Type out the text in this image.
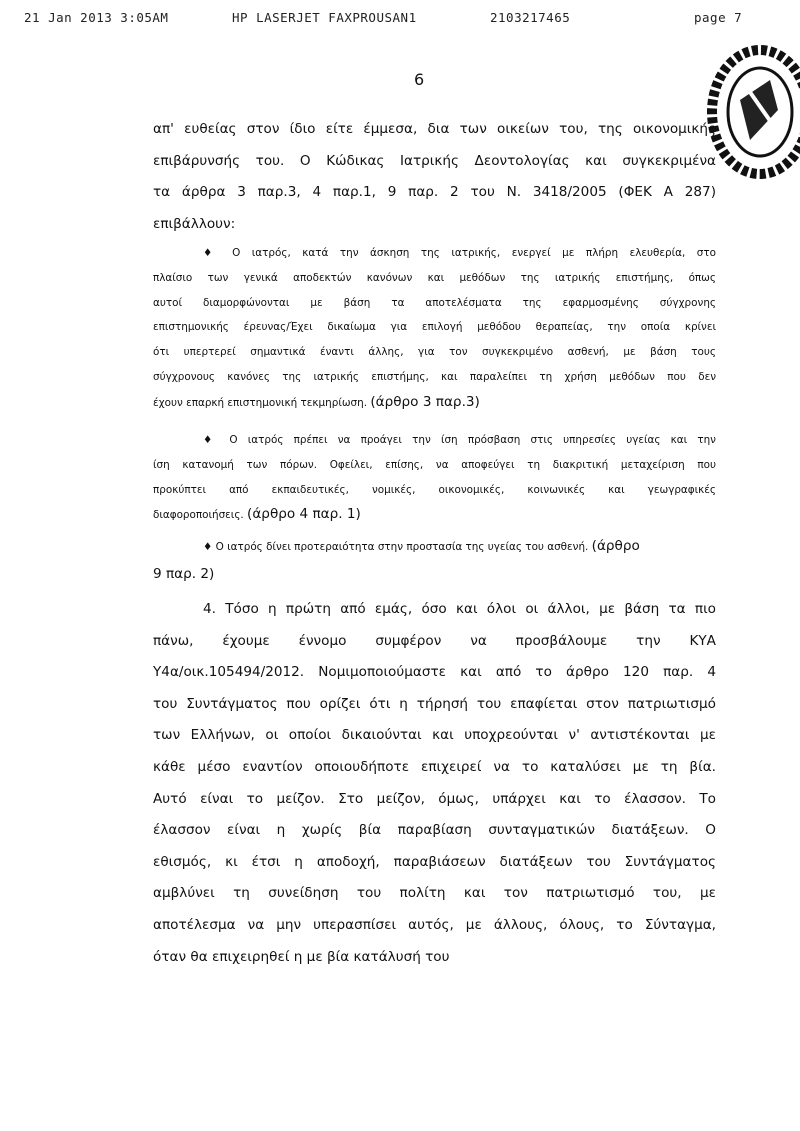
21 Jan 2013 3:05AM	HP LASERJET FAXPROUSAN1	2103217465	page 7
6
απ' ευθείας στον ίδιο είτε έμμεσα, δια των οικείων του, της οικονομικής
επιβάρυνσής του. Ο Κώδικας Ιατρικής Δεοντολογίας και συγκεκριμένα
τα άρθρα 3 παρ.3, 4 παρ.1, 9 παρ. 2 του Ν. 3418/2005 (ΦΕΚ Α 287)
επιβάλλουν:
♦ Ο ιατρός, κατά την άσκηση της ιατρικής, ενεργεί με πλήρη ελευθερία, στο
πλαίσιο των γενικά αποδεκτών κανόνων και μεθόδων της ιατρικής επιστήμης, όπως
αυτοί διαμορφώνονται με βάση τα αποτελέσματα της εφαρμοσμένης σύγχρονης
επιστημονικής έρευνας/Έχει δικαίωμα για επιλογή μεθόδου θεραπείας, την οποία κρίνει
ότι υπερτερεί σημαντικά έναντι άλλης, για τον συγκεκριμένο ασθενή, με βάση τους
σύγχρονους κανόνες της ιατρικής επιστήμης, και παραλείπει τη χρήση μεθόδων που δεν
έχουν επαρκή επιστημονική τεκμηρίωση. (άρθρο 3 παρ.3)
♦ Ο ιατρός πρέπει να προάγει την ίση πρόσβαση στις υπηρεσίες υγείας και την
ίση κατανομή των πόρων. Οφείλει, επίσης, να αποφεύγει τη διακριτική μεταχείριση που
προκύπτει από εκπαιδευτικές, νομικές, οικονομικές, κοινωνικές και γεωγραφικές
διαφοροποιήσεις. (άρθρο 4 παρ. 1)
♦ Ο ιατρός δίνει προτεραιότητα στην προστασία της υγείας του ασθενή. (άρθρο
9 παρ. 2)
4. Τόσο η πρώτη από εμάς, όσο και όλοι οι άλλοι, με βάση τα πιο
πάνω, έχουμε έννομο συμφέρον να προσβάλουμε την ΚΥΑ
Υ4α/οικ.105494/2012. Νομιμοποιούμαστε και από το άρθρο 120 παρ. 4
του Συντάγματος που ορίζει ότι η τήρησή του επαφίεται στον πατριωτισμό
των Ελλήνων, οι οποίοι δικαιούνται και υποχρεούνται ν' αντιστέκονται με
κάθε μέσο εναντίον οποιουδήποτε επιχειρεί να το καταλύσει με τη βία.
Αυτό είναι το μείζον. Στο μείζον, όμως, υπάρχει και το έλασσον. Το
έλασσον είναι η χωρίς βία παραβίαση συνταγματικών διατάξεων. Ο
εθισμός, κι έτσι η αποδοχή, παραβιάσεων διατάξεων του Συντάγματος
αμβλύνει τη συνείδηση του πολίτη και τον πατριωτισμό του, με
αποτέλεσμα να μην υπερασπίσει αυτός, με άλλους, όλους, το Σύνταγμα,
όταν θα επιχειρηθεί η με βία κατάλυσή του
